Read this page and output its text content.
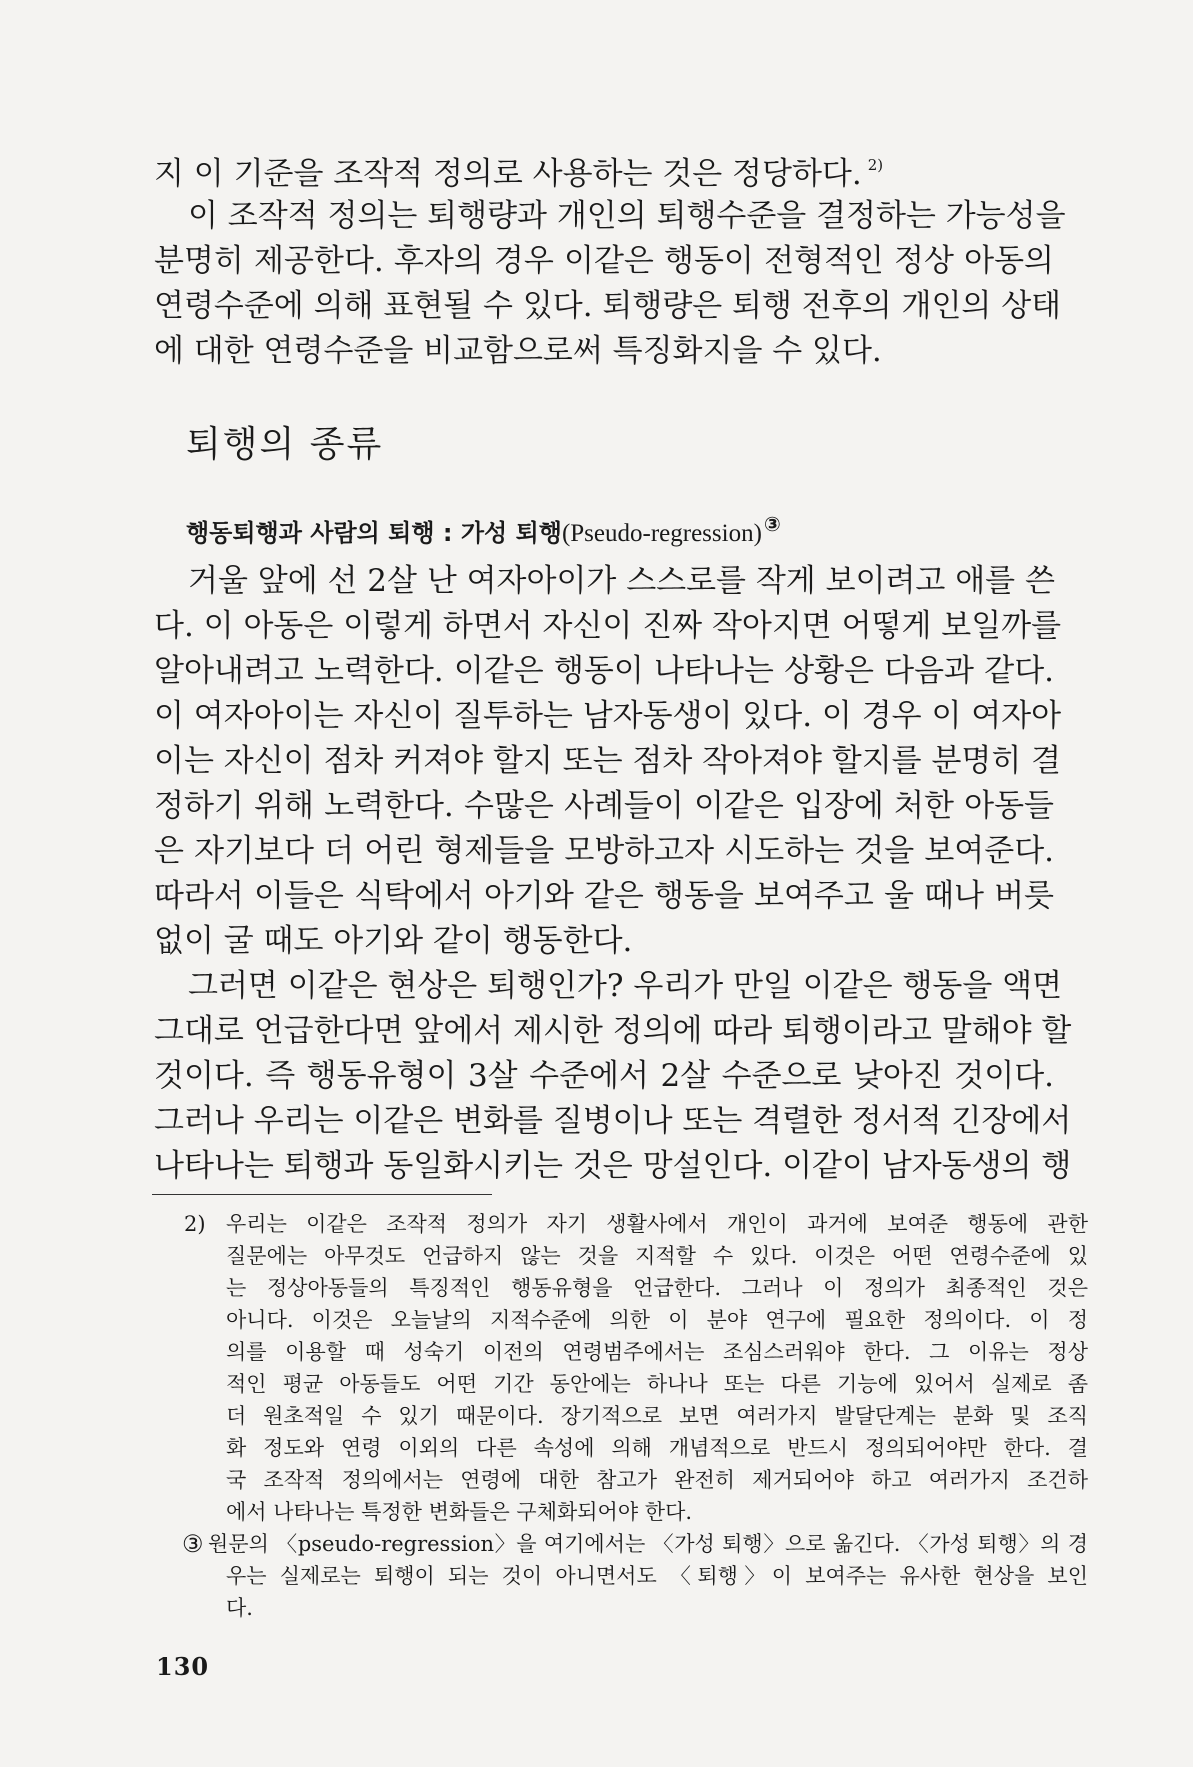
지 이 기준을 조작적 정의로 사용하는 것은 정당하다. $^{2)}$
이 조작적 정의는 퇴행량과 개인의 퇴행수준을 결정하는 가능성을
분명히 제공한다. 후자의 경우 이같은 행동이 전형적인 정상 아동의
연령수준에 의해 표현될 수 있다. 퇴행량은 퇴행 전후의 개인의 상태
에 대한 연령수준을 비교함으로써 특징화지을 수 있다.
퇴행의 종류
행동퇴행과 사람의 퇴행 : 가성 퇴행(Pseudo-regression) ③
거울 앞에 선 2살 난 여자아이가 스스로를 작게 보이려고 애를 쓴
다. 이 아동은 이렇게 하면서 자신이 진짜 작아지면 어떻게 보일까를
알아내려고 노력한다. 이같은 행동이 나타나는 상황은 다음과 같다.
이 여자아이는 자신이 질투하는 남자동생이 있다. 이 경우 이 여자아
이는 자신이 점차 커져야 할지 또는 점차 작아져야 할지를 분명히 결
정하기 위해 노력한다. 수많은 사례들이 이같은 입장에 처한 아동들
은 자기보다 더 어린 형제들을 모방하고자 시도하는 것을 보여준다.
따라서 이들은 식탁에서 아기와 같은 행동을 보여주고 울 때나 버릇
없이 굴 때도 아기와 같이 행동한다.
그러면 이같은 현상은 퇴행인가? 우리가 만일 이같은 행동을 액면
그대로 언급한다면 앞에서 제시한 정의에 따라 퇴행이라고 말해야 할
것이다. 즉 행동유형이 3살 수준에서 2살 수준으로 낮아진 것이다.
그러나 우리는 이같은 변화를 질병이나 또는 격렬한 정서적 긴장에서
나타나는 퇴행과 동일화시키는 것은 망설인다. 이같이 남자동생의 행
2) 우리는 이같은 조작적 정의가 자기 생활사에서 개인이 과거에 보여준 행동에 관한
질문에는 아무것도 언급하지 않는 것을 지적할 수 있다. 이것은 어떤 연령수준에 있
는 정상아동들의 특징적인 행동유형을 언급한다. 그러나 이 정의가 최종적인 것은
아니다. 이것은 오늘날의 지적수준에 의한 이 분야 연구에 필요한 정의이다. 이 정
의를 이용할 때 성숙기 이전의 연령범주에서는 조심스러워야 한다. 그 이유는 정상
적인 평균 아동들도 어떤 기간 동안에는 하나나 또는 다른 기능에 있어서 실제로 좀
더 원초적일 수 있기 때문이다. 장기적으로 보면 여러가지 발달단계는 분화 및 조직
화 정도와 연령 이외의 다른 속성에 의해 개념적으로 반드시 정의되어야만 한다. 결
국 조작적 정의에서는 연령에 대한 참고가 완전히 제거되어야 하고 여러가지 조건하
에서 나타나는 특정한 변화들은 구체화되어야 한다.
③ 원문의 〈pseudo-regression〉을 여기에서는 〈가성 퇴행〉으로 옮긴다. 〈가성 퇴행〉의 경
우는 실제로는 퇴행이 되는 것이 아니면서도 〈퇴행〉이 보여주는 유사한 현상을 보인
다.
130
